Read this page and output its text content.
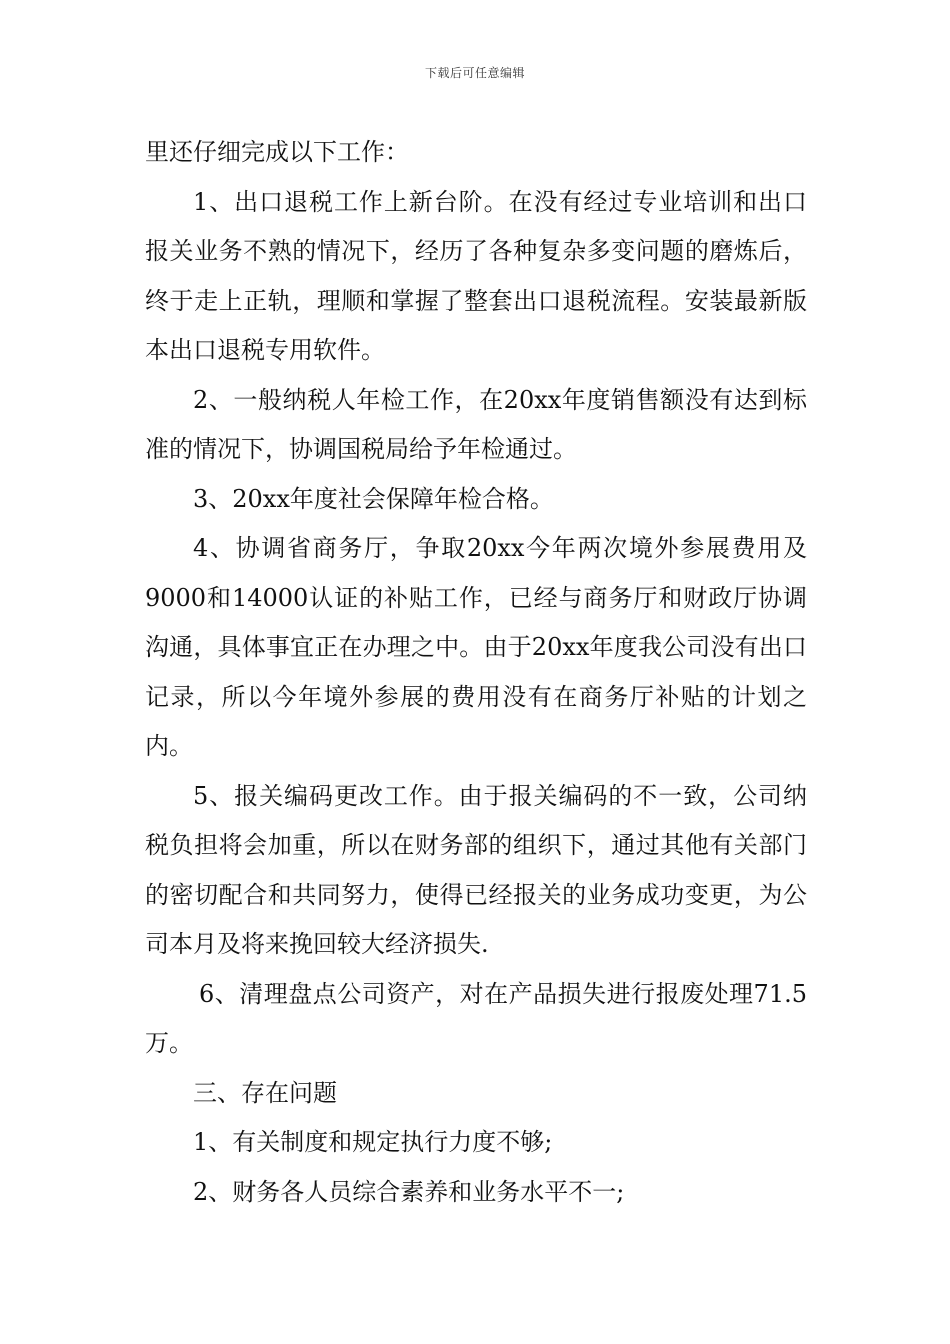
下载后可任意编辑

里还仔细完成以下工作：

1、出口退税工作上新台阶。在没有经过专业培训和出口报关业务不熟的情况下，经历了各种复杂多变问题的磨炼后，终于走上正轨，理顺和掌握了整套出口退税流程。安装最新版本出口退税专用软件。

2、一般纳税人年检工作，在20xx年度销售额没有达到标准的情况下，协调国税局给予年检通过。

3、20xx年度社会保障年检合格。

4、协调省商务厅，争取20xx今年两次境外参展费用及9000和14000认证的补贴工作，已经与商务厅和财政厅协调沟通，具体事宜正在办理之中。由于20xx年度我公司没有出口记录，所以今年境外参展的费用没有在商务厅补贴的计划之内。

5、报关编码更改工作。由于报关编码的不一致，公司纳税负担将会加重，所以在财务部的组织下，通过其他有关部门的密切配合和共同努力，使得已经报关的业务成功变更，为公司本月及将来挽回较大经济损失.

6、清理盘点公司资产，对在产品损失进行报废处理71.5万。

三、存在问题

1、有关制度和规定执行力度不够;

2、财务各人员综合素养和业务水平不一;
